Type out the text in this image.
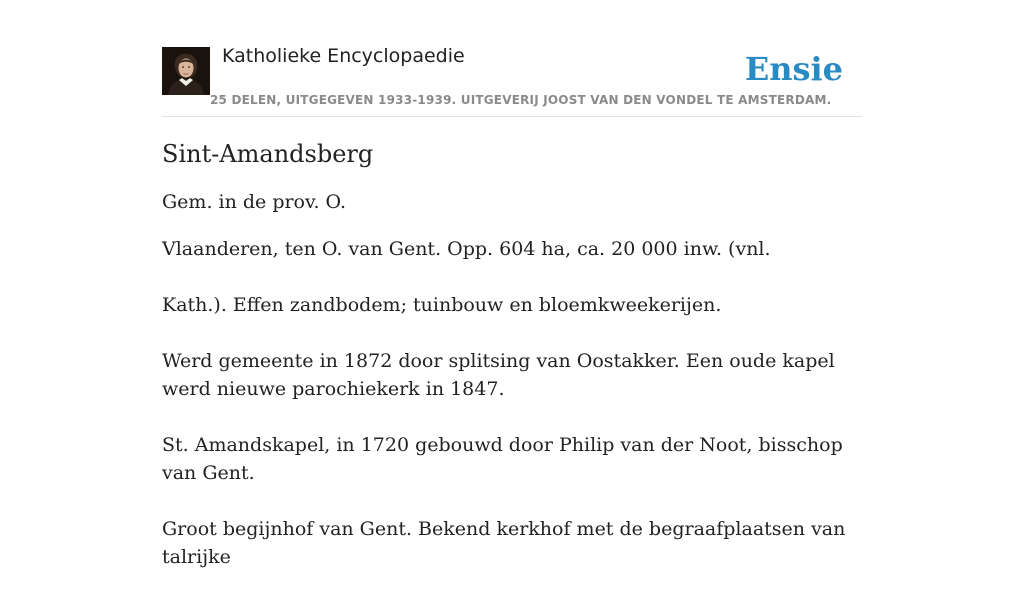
Katholieke Encyclopaedie
25 DELEN, UITGEGEVEN 1933-1939. UITGEVERIJ JOOST VAN DEN VONDEL TE AMSTERDAM.
Ensie
Sint-Amandsberg

Gem. in de prov. O.

Vlaanderen, ten O. van Gent. Opp. 604 ha, ca. 20 000 inw. (vnl.

Kath.). Effen zandbodem; tuinbouw en bloemkweekerijen.

Werd gemeente in 1872 door splitsing van Oostakker. Een oude kapel werd nieuwe parochiekerk in 1847.

St. Amandskapel, in 1720 gebouwd door Philip van der Noot, bisschop van Gent.

Groot begijnhof van Gent. Bekend kerkhof met de begraafplaatsen van talrijke
